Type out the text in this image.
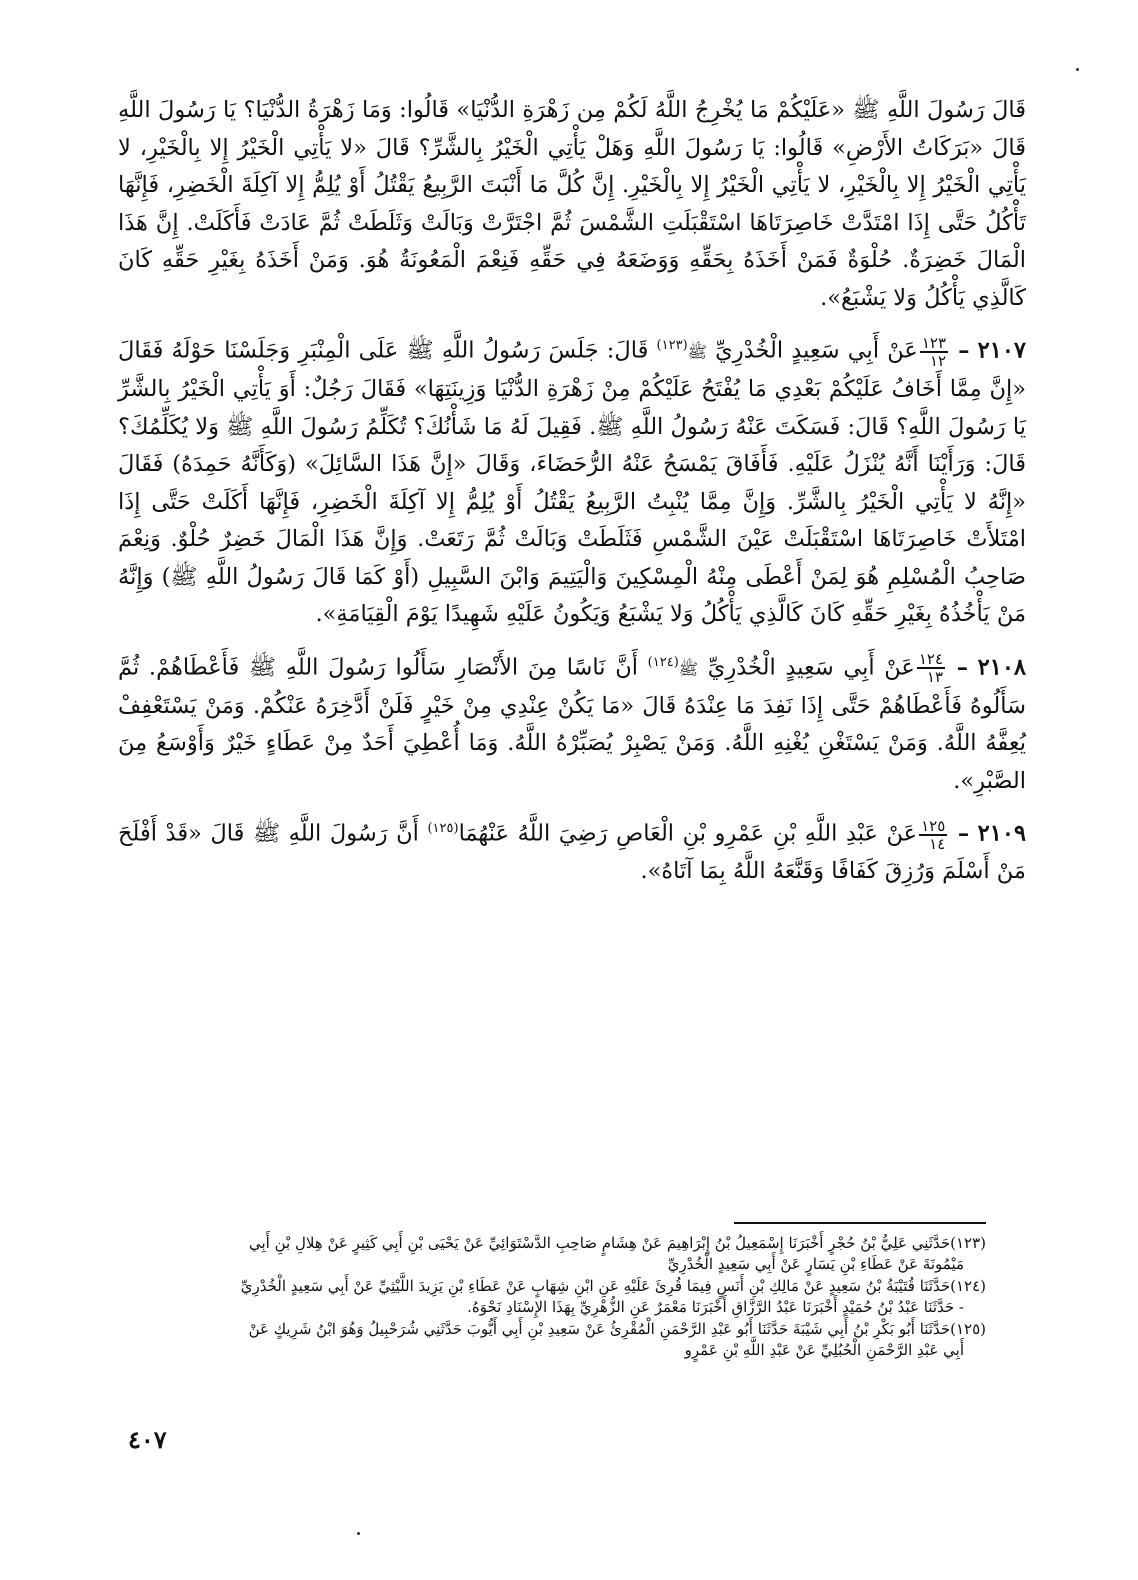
قَالَ رَسُولَ اللَّهِ ﷺ «عَلَيْكُمْ مَا يُخْرِجُ اللَّهُ لَكُمْ مِن زَهْرَةِ الدُّنْيَا» قَالُوا: وَمَا زَهْرَةُ الدُّنْيَا؟ يَا رَسُولَ اللَّهِ قَالَ «بَرَكَاتُ الأَرْضِ» قَالُوا: يَا رَسُولَ اللَّهِ وَهَلْ يَأْتِي الْخَيْرُ بِالشَّرِّ؟ قَالَ «لا يَأْتِي الْخَيْرُ إِلا بِالْخَيْرِ، لا يَأْتِي الْخَيْرُ إِلا بِالْخَيْرِ، لا يَأْتِي الْخَيْرُ إِلا بِالْخَيْرِ. إِنَّ كُلَّ مَا أَنْبَتَ الرَّبِيعُ يَقْتُلُ أَوْ يُلِمُّ إِلا آكِلَةَ الْخَضِرِ، فَإِنَّهَا تَأْكُلُ حَتَّى إِذَا امْتَدَّتْ خَاصِرَتَاهَا اسْتَقْبَلَتِ الشَّمْسَ ثُمَّ اجْتَرَّتْ وَبَالَتْ وَثَلَطَتْ ثُمَّ عَادَتْ فَأَكَلَتْ. إِنَّ هَذَا الْمَالَ خَضِرَةٌ. حُلْوَةٌ فَمَنْ أَخَذَهُ بِحَقِّهِ وَوَضَعَهُ فِي حَقِّهِ فَنِعْمَ الْمَعُونَةُ هُوَ. وَمَنْ أَخَذَهُ بِغَيْرِ حَقِّهِ كَانَ كَالَّذِي يَأْكُلُ وَلا يَشْبَعُ».

٢١٠٧ –
$\frac{١٢٣}{١٢}$
عَنْ أَبِي سَعِيدٍ الْخُدْرِيِّ ﷺ$^{(١٢٣)}$ قَالَ: جَلَسَ رَسُولُ اللَّهِ ﷺ عَلَى الْمِنْبَرِ وَجَلَسْنَا حَوْلَهُ فَقَالَ «إِنَّ مِمَّا أَخَافُ عَلَيْكُمْ بَعْدِي مَا يُفْتَحُ عَلَيْكُمْ مِنْ زَهْرَةِ الدُّنْيَا وَزِينَتِهَا» فَقَالَ رَجُلٌ: أَوَ يَأْتِي الْخَيْرُ بِالشَّرِّ يَا رَسُولَ اللَّهِ؟ قَالَ: فَسَكَتَ عَنْهُ رَسُولُ اللَّهِ ﷺ. فَقِيلَ لَهُ مَا شَأْنُكَ؟ تُكَلِّمُ رَسُولَ اللَّهِ ﷺ وَلا يُكَلِّمُكَ؟ قَالَ: وَرَأَيْنَا أَنَّهُ يُنْزَلُ عَلَيْهِ. فَأَفَاقَ يَمْسَحُ عَنْهُ الرُّحَضَاءَ، وَقَالَ «إِنَّ هَذَا السَّائِلَ» (وَكَأَنَّهُ حَمِدَهُ) فَقَالَ «إِنَّهُ لا يَأْتِي الْخَيْرُ بِالشَّرِّ. وَإِنَّ مِمَّا يُنْبِتُ الرَّبِيعُ يَقْتُلُ أَوْ يُلِمُّ إِلا آكِلَةَ الْخَضِرِ، فَإِنَّهَا أَكَلَتْ حَتَّى إِذَا امْتَلأَتْ خَاصِرَتَاهَا اسْتَقْبَلَتْ عَيْنَ الشَّمْسِ فَثَلَطَتْ وَبَالَتْ ثُمَّ رَتَعَتْ. وَإِنَّ هَذَا الْمَالَ خَضِرٌ حُلْوٌ. وَنِعْمَ صَاحِبُ الْمُسْلِمِ هُوَ لِمَنْ أَعْطَى مِنْهُ الْمِسْكِينَ وَالْيَتِيمَ وَابْنَ السَّبِيلِ (أَوْ كَمَا قَالَ رَسُولُ اللَّهِ ﷺ) وَإِنَّهُ مَنْ يَأْخُذُهُ بِغَيْرِ حَقِّهِ كَانَ كَالَّذِي يَأْكُلُ وَلا يَشْبَعُ وَيَكُونُ عَلَيْهِ شَهِيدًا يَوْمَ الْقِيَامَةِ».

٢١٠٨ –
$\frac{١٢٤}{١٣}$
عَنْ أَبِي سَعِيدٍ الْخُدْرِيِّ ﷺ$^{(١٢٤)}$ أَنَّ نَاسًا مِنَ الأَنْصَارِ سَأَلُوا رَسُولَ اللَّهِ ﷺ فَأَعْطَاهُمْ. ثُمَّ سَأَلُوهُ فَأَعْطَاهُمْ حَتَّى إِذَا نَفِدَ مَا عِنْدَهُ قَالَ «مَا يَكُنْ عِنْدِي مِنْ خَيْرٍ فَلَنْ أَدَّخِرَهُ عَنْكُمْ. وَمَنْ يَسْتَعْفِفْ يُعِفَّهُ اللَّهُ. وَمَنْ يَسْتَغْنِ يُغْنِهِ اللَّهُ. وَمَنْ يَصْبِرْ يُصَبِّرْهُ اللَّهُ. وَمَا أُعْطِيَ أَحَدٌ مِنْ عَطَاءٍ خَيْرٌ وَأَوْسَعُ مِنَ الصَّبْرِ».

٢١٠٩ –
$\frac{١٢٥}{١٤}$
عَنْ عَبْدِ اللَّهِ بْنِ عَمْرِو بْنِ الْعَاصِ رَضِيَ اللَّهُ عَنْهُمَا$^{(١٢٥)}$ أَنَّ رَسُولَ اللَّهِ ﷺ قَالَ «قَدْ أَفْلَحَ مَنْ أَسْلَمَ وَرُزِقَ كَفَافًا وَقَنَّعَهُ اللَّهُ بِمَا آتَاهُ».

(١٢٣)حَدَّثَنِي عَلِيُّ بْنُ حُجْرٍ أَخْبَرَنَا إِسْمَعِيلُ بْنُ إِبْرَاهِيمَ عَنْ هِشَامٍ صَاحِبِ الدَّسْتَوَائِيِّ عَنْ يَحْيَى بْنِ أَبِي كَثِيرٍ عَنْ هِلالِ بْنِ أَبِي
مَيْمُونَةَ عَنْ عَطَاءِ بْنِ يَسَارٍ عَنْ أَبِي سَعِيدٍ الْخُدْرِيِّ

(١٢٤)حَدَّثَنَا قُتَيْبَةُ بْنُ سَعِيدٍ عَنْ مَالِكِ بْنِ أَنَسٍ فِيمَا قُرِئَ عَلَيْهِ عَنِ ابْنِ شِهَابٍ عَنْ عَطَاءِ بْنِ يَزِيدَ اللَّيْثِيِّ عَنْ أَبِي سَعِيدٍ الْخُدْرِيِّ
- حَدَّثَنَا عَبْدُ بْنُ حُمَيْدٍ أَخْبَرَنَا عَبْدُ الرَّزَّاقِ أَخْبَرَنَا مَعْمَرٌ عَنِ الزُّهْرِيِّ بِهَذَا الإِسْنَادِ نَحْوَهُ.

(١٢٥)حَدَّثَنَا أَبُو بَكْرِ بْنُ أَبِي شَيْبَةَ حَدَّثَنَا أَبُو عَبْدِ الرَّحْمَنِ الْمُقْرِئُ عَنْ سَعِيدِ بْنِ أَبِي أَيُّوبَ حَدَّثَنِي شُرَحْبِيلُ وَهُوَ ابْنُ شَرِيكٍ عَنْ
أَبِي عَبْدِ الرَّحْمَنِ الْحُبُلِيِّ عَنْ عَبْدِ اللَّهِ بْنِ عَمْرٍو

٤٠٧
